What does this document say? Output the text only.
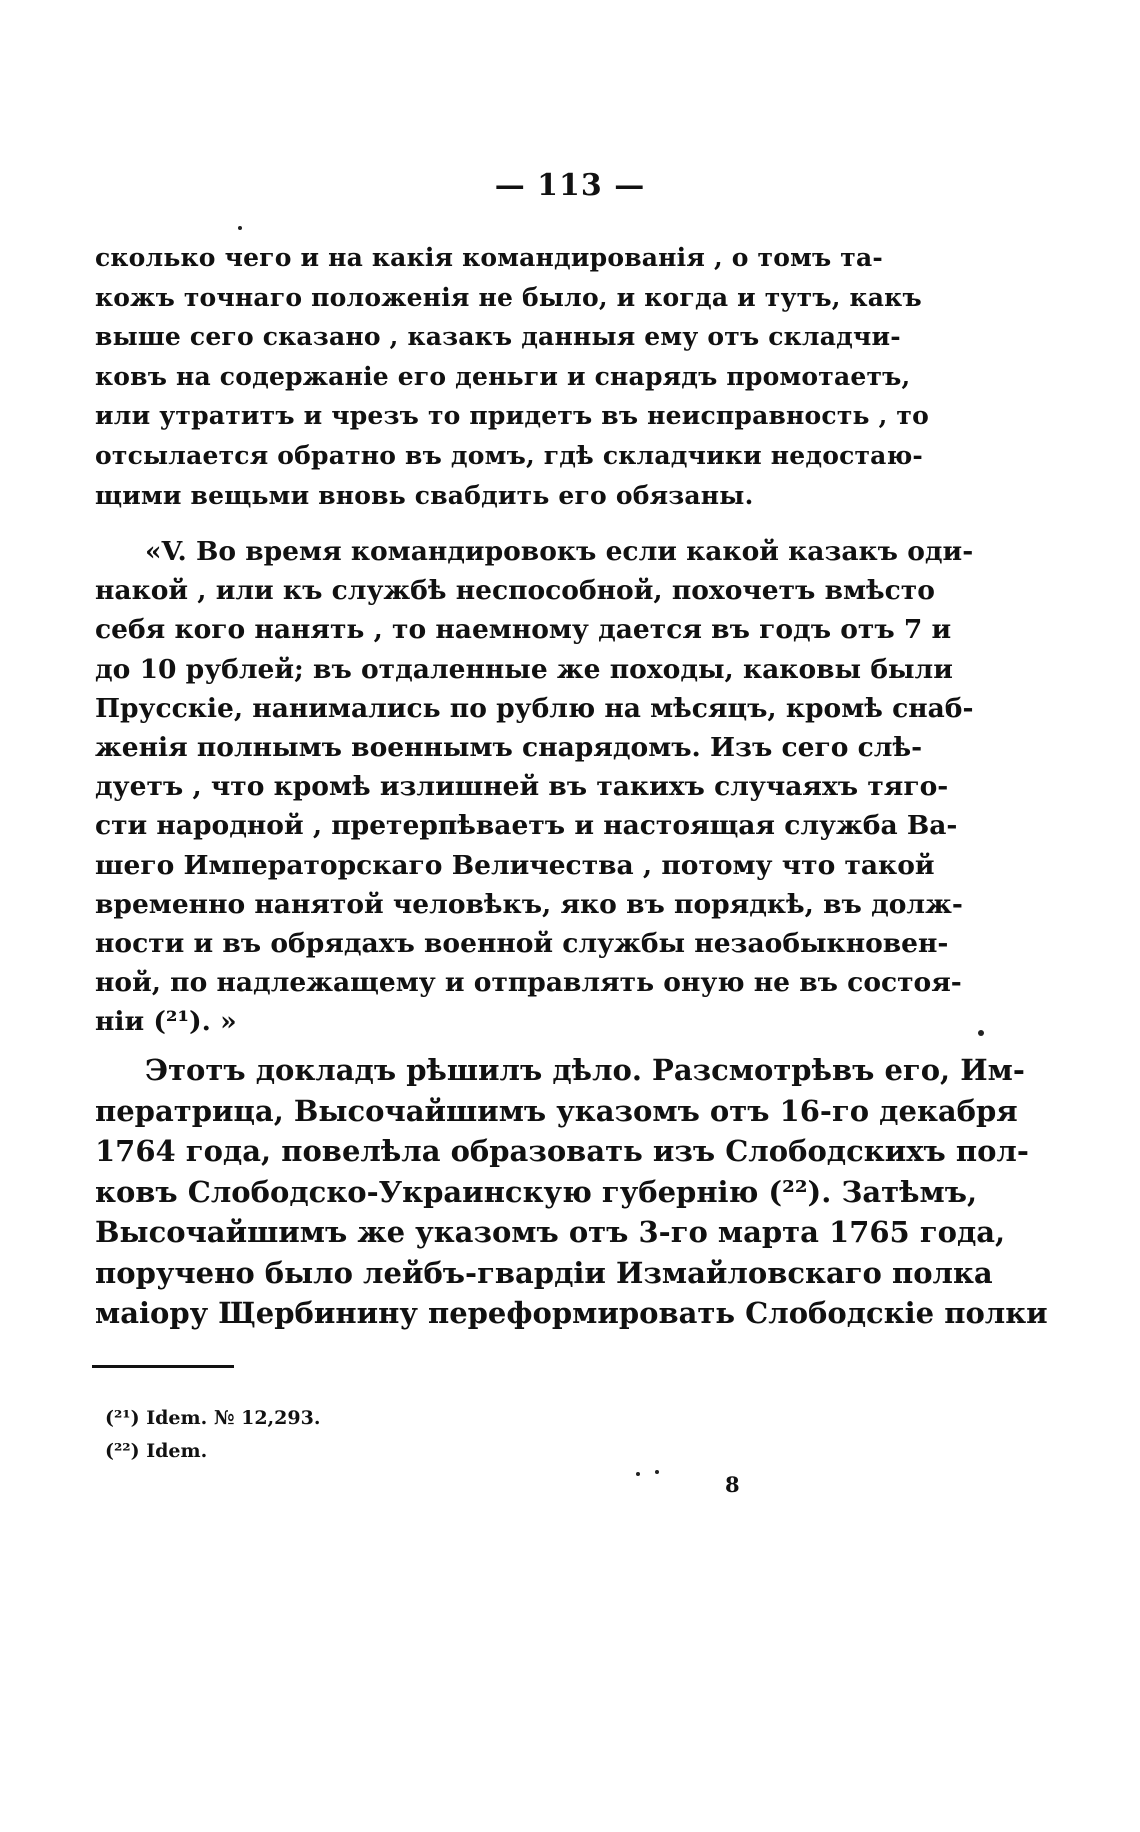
— 113 —
сколько чего и на какія командированія , о томъ та-
кожъ точнаго положенія не было, и когда и тутъ, какъ
выше сего сказано , казакъ данныя ему отъ складчи-
ковъ на содержаніе его деньги и снарядъ промотаетъ,
или утратитъ и чрезъ то придетъ въ неисправность , то
отсылается обратно въ домъ, гдѣ складчики недостаю-
щими вещьми вновь свабдить его обязаны.
«V. Во время командировокъ если какой казакъ оди-
накой , или къ службѣ неспособной, похочетъ вмѣсто
себя кого нанять , то наемному дается въ годъ отъ 7 и
до 10 рублей; въ отдаленные же походы, каковы были
Прусскіе, нанимались по рублю на мѣсяцъ, кромѣ снаб-
женія полнымъ военнымъ снарядомъ. Изъ сего слѣ-
дуетъ , что кромѣ излишней въ такихъ случаяхъ тяго-
сти народной , претерпѣваетъ и настоящая служба Ва-
шего Императорскаго Величества , потому что такой
временно нанятой человѣкъ, яко въ порядкѣ, въ долж-
ности и въ обрядахъ военной службы незаобыкновен-
ной, по надлежащему и отправлять оную не въ состоя-
ніи (²¹). »
Этотъ докладъ рѣшилъ дѣло. Разсмотрѣвъ его, Им-
ператрица, Высочайшимъ указомъ отъ 16-го декабря
1764 года, повелѣла образовать изъ Слободскихъ пол-
ковъ Слободско-Украинскую губернію (²²). Затѣмъ,
Высочайшимъ же указомъ отъ 3-го марта 1765 года,
поручено было лейбъ-гвардіи Измайловскаго полка
маіору Щербинину переформировать Слободскіе полки
(²¹) Idem. № 12,293.
(²²) Idem.
8
